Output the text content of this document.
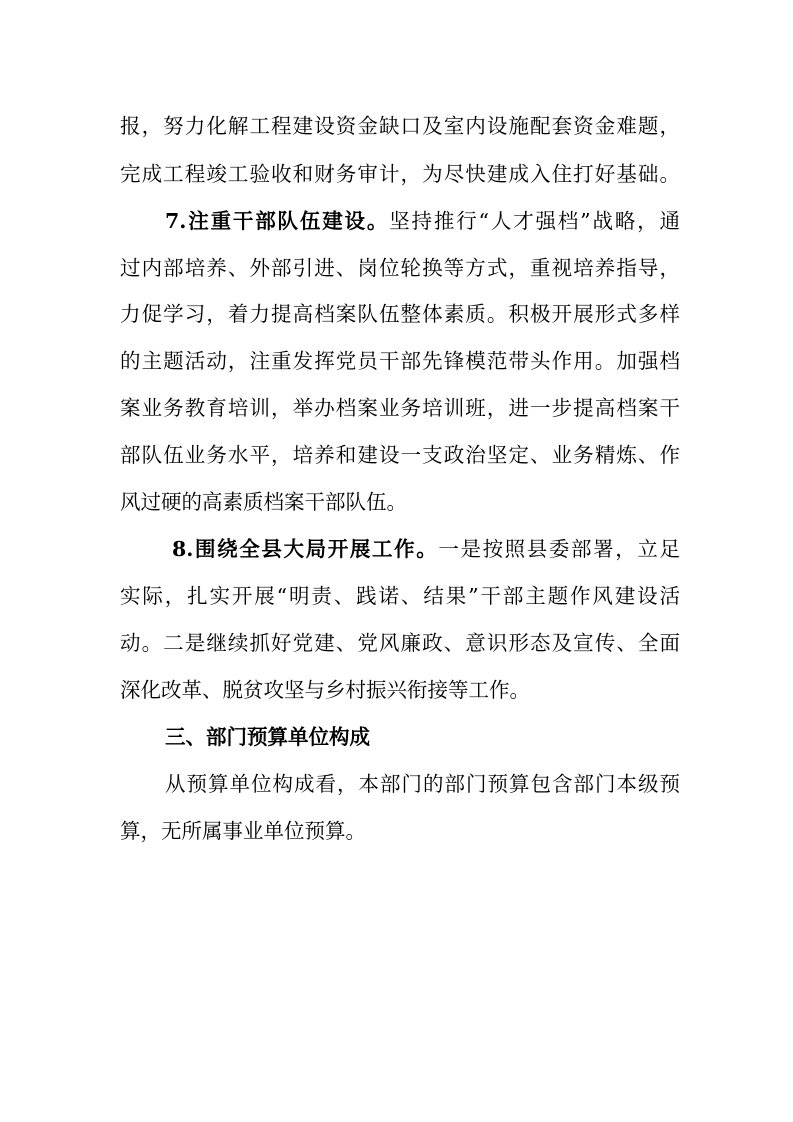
报，努力化解工程建设资金缺口及室内设施配套资金难题，
完成工程竣工验收和财务审计，为尽快建成入住打好基础。
7.注重干部队伍建设。坚持推行“人才强档”战略，通
过内部培养、外部引进、岗位轮换等方式，重视培养指导，
力促学习，着力提高档案队伍整体素质。积极开展形式多样
的主题活动，注重发挥党员干部先锋模范带头作用。加强档
案业务教育培训，举办档案业务培训班，进一步提高档案干
部队伍业务水平，培养和建设一支政治坚定、业务精炼、作
风过硬的高素质档案干部队伍。
8.围绕全县大局开展工作。一是按照县委部署，立足
实际，扎实开展“明责、践诺、结果”干部主题作风建设活
动。二是继续抓好党建、党风廉政、意识形态及宣传、全面
深化改革、脱贫攻坚与乡村振兴衔接等工作。
三、部门预算单位构成
从预算单位构成看，本部门的部门预算包含部门本级预
算，无所属事业单位预算。
